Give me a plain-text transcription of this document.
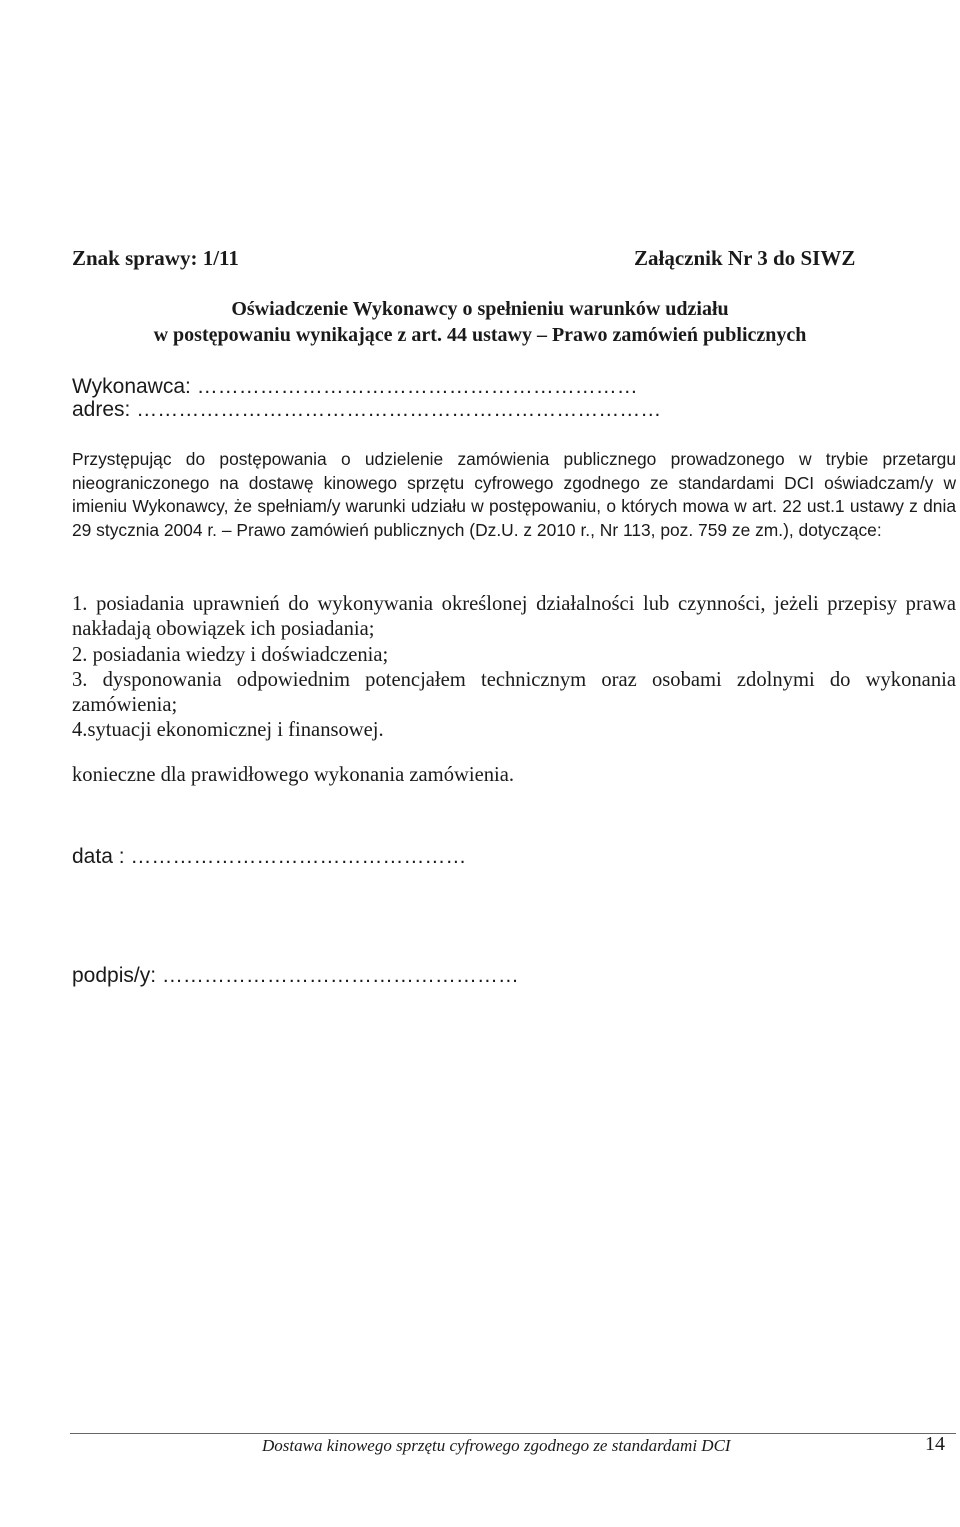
Znak sprawy: 1/11	Załącznik Nr 3 do SIWZ
Oświadczenie Wykonawcy o spełnieniu warunków udziału
w postępowaniu wynikające z art. 44 ustawy – Prawo zamówień publicznych
Wykonawca: ………………………………………………………
adres: …………………………………………………………………
Przystępując do postępowania o udzielenie zamówienia publicznego prowadzonego w trybie przetargu nieograniczonego na dostawę kinowego sprzętu cyfrowego zgodnego ze standardami DCI oświadczam/y w imieniu Wykonawcy, że spełniam/y warunki udziału w postępowaniu, o których mowa w art. 22 ust.1 ustawy z dnia 29 stycznia 2004 r. – Prawo zamówień publicznych (Dz.U. z 2010 r., Nr 113, poz. 759 ze zm.), dotyczące:
1. posiadania uprawnień do wykonywania określonej działalności lub czynności, jeżeli przepisy prawa nakładają obowiązek ich posiadania;
2. posiadania wiedzy i doświadczenia;
3. dysponowania odpowiednim potencjałem technicznym oraz osobami zdolnymi do wykonania zamówienia;
4.sytuacji ekonomicznej i finansowej.
konieczne dla prawidłowego wykonania zamówienia.
data : …………………………………………
podpis/y: ……………………………………………
Dostawa kinowego sprzętu cyfrowego zgodnego ze standardami DCI	14
